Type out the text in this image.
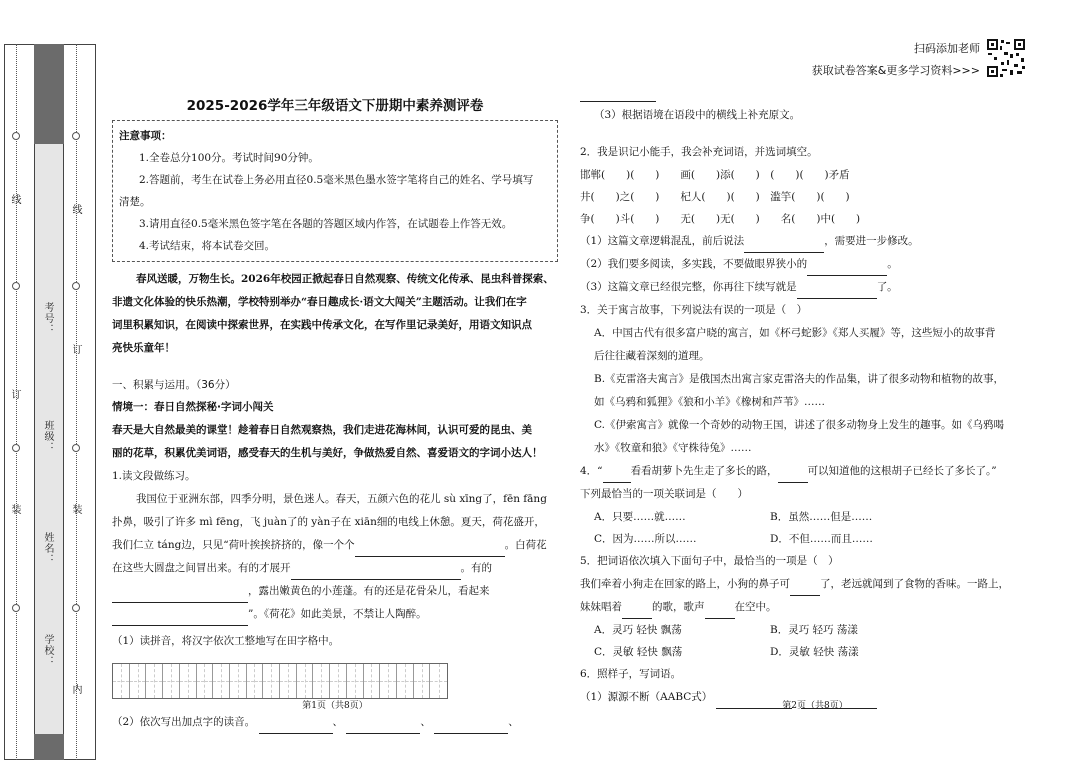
线
订
装
内
装
订
线
学校：
姓名：
班级：
考号：
扫码添加老师
获取试卷答案&更多学习资料>>>
2025-2026学年三年级语文下册期中素养测评卷
注意事项：
1.全卷总分100分。考试时间90分钟。
2.答题前，考生在试卷上务必用直径0.5毫米黑色墨水签字笔将自己的姓名、学号填写
清楚。
3.请用直径0.5毫米黑色签字笔在各题的答题区域内作答，在试题卷上作答无效。
4.考试结束，将本试卷交回。
春风送暖，万物生长。2026年校园正掀起春日自然观察、传统文化传承、昆虫科普探索、
非遗文化体验的快乐热潮，学校特别举办“春日趣成长·语文大闯关”主题活动。让我们在字
词里积累知识，在阅读中探索世界，在实践中传承文化，在写作里记录美好，用语文知识点
亮快乐童年！
一、积累与运用。（36分）
情境一：春日自然探秘·字词小闯关
春天是大自然最美的课堂！趁着春日自然观察热，我们走进花海林间，认识可爱的昆虫、美
丽的花草，积累优美词语，感受春天的生机与美好，争做热爱自然、喜爱语文的字词小达人！
1.读文段做练习。
我国位于亚洲东部，四季分明，景色迷人。春天，五颜六色的花儿 sù xīng了，fēn fāng
扑鼻，吸引了许多 mì fēng，飞 juàn了的 yàn子在 xiān细的电线上休憩。夏天，荷花盛开，
我们仁立 táng边，只见“荷叶挨挨挤挤的，像一个个	。白荷花
在这些大圆盘之间冒出来。有的才展开	。有的
，露出嫩黄色的小莲蓬。有的还是花骨朵儿，看起来
”。《荷花》如此美景，不禁让人陶醉。
（1）读拼音，将汉字依次工整地写在田字格中。
（2）依次写出加点字的读音。	、	、	、
第1页（共8页）
（3）根据语境在语段中的横线上补充原文。
2．我是识记小能手，我会补充词语，并选词填空。
邯郸(　　)(　　)　　画(　　)添(　　)　(　　)(　　)矛盾
井(　　)之(　　)　　杞人(　　)(　　)　滥竽(　　)(　　)
争(　　)斗(　　)　　无(　　)无(　　)　　名(　　)中(　　)
（1）这篇文章逻辑混乱，前后说法	，需要进一步修改。
（2）我们要多阅读，多实践，不要做眼界狭小的	。
（3）这篇文章已经很完整，你再往下续写就是	了。
3．关于寓言故事，下列说法有误的一项是（　）
A．中国古代有很多富户晓的寓言，如《杯弓蛇影》《郑人买履》等，这些短小的故事背
后往往藏着深刻的道理。
B.《克雷洛夫寓言》是俄国杰出寓言家克雷洛夫的作品集，讲了很多动物和植物的故事，
如《乌鸦和狐狸》《狼和小羊》《橡树和芦苇》……
C.《伊索寓言》就像一个奇妙的动物王国，讲述了很多动物身上发生的趣事。如《乌鸦喝
水》《牧童和狼》《守株待兔》……
4．“	看看胡萝卜先生走了多长的路，	可以知道他的这根胡子已经长了多长了。”
下列最恰当的一项关联词是（　　）
A．只要……就……	B．虽然……但是……
C．因为……所以……	D．不但……而且……
5．把词语依次填入下面句子中，最恰当的一项是（　）
我们牵着小狗走在回家的路上，小狗的鼻子可	了，老远就闻到了食物的香味。一路上，
妹妹唱着	的歌，歌声	在空中。
A．灵巧 轻快 飘荡	B．灵巧 轻巧 荡漾
C．灵敏 轻快 飘荡	D．灵敏 轻快 荡漾
6．照样子，写词语。
（1）源源不断（AABC式）
第2页（共8页）
